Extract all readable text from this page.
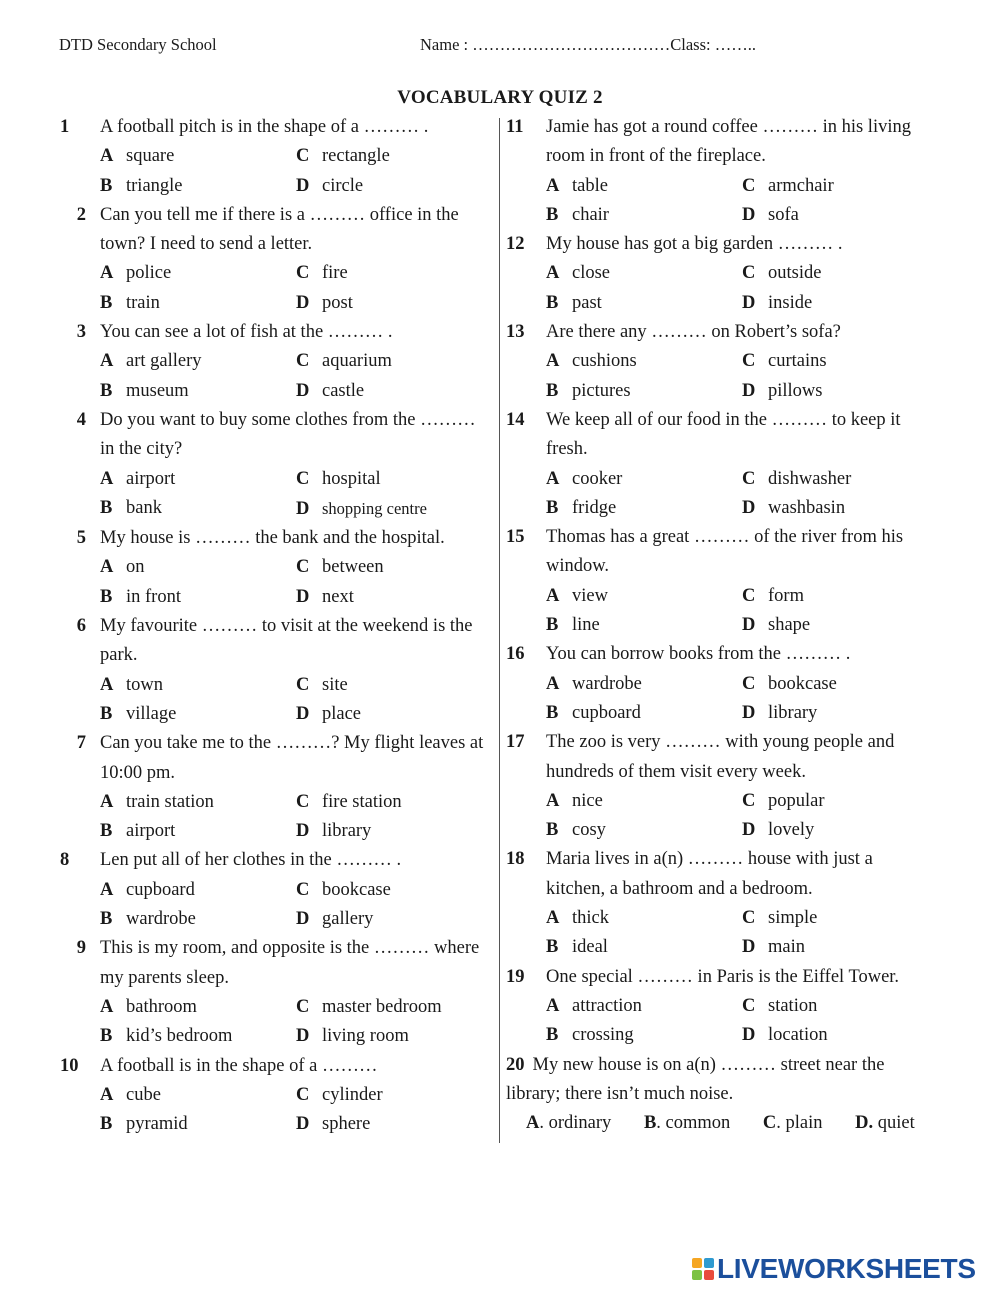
DTD Secondary School	Name : ………………………………Class: ……..
VOCABULARY QUIZ 2
1	A football pitch is in the shape of a ……… .
A square	C rectangle
B triangle	D circle
2 Can you tell me if there is a ……… office in the town? I need to send a letter.
A police	C fire
B train	D post
3 You can see a lot of fish at the ……… .
A art gallery	C aquarium
B museum	D castle
4 Do you want to buy some clothes from the ……… in the city?
A airport	C hospital
B bank	D shopping centre
5 My house is ……… the bank and the hospital.
A on	C between
B in front	D next
6 My favourite ……… to visit at the weekend is the park.
A town	C site
B village	D place
7 Can you take me to the ………? My flight leaves at 10:00 pm.
A train station	C fire station
B airport	D library
8	Len put all of her clothes in the ……… .
A cupboard	C bookcase
B wardrobe	D gallery
9 This is my room, and opposite is the ……… where my parents sleep.
A bathroom	C master bedroom
B kid’s bedroom	D living room
10	A football is in the shape of a ………
A cube	C cylinder
B pyramid	D sphere
11	Jamie has got a round coffee ……… in his living room in front of the fireplace.
A table	C armchair
B chair	D sofa
12	My house has got a big garden ……… .
A close	C outside
B past	D inside
13	Are there any ……… on Robert’s sofa?
A cushions	C curtains
B pictures	D pillows
14	We keep all of our food in the ……… to keep it fresh.
A cooker	C dishwasher
B fridge	D washbasin
15	Thomas has a great ……… of the river from his window.
A view	C form
B line	D shape
16	You can borrow books from the ……… .
A wardrobe	C bookcase
B cupboard	D library
17	The zoo is very ……… with young people and hundreds of them visit every week.
A nice	C popular
B cosy	D lovely
18	Maria lives in a(n) ……… house with just a kitchen, a bathroom and a bedroom.
A thick	C simple
B ideal	D main
19	One special ……… in Paris is the Eiffel Tower.
A attraction	C station
B crossing	D location
20 My new house is on a(n) ……… street near the library; there isn’t much noise.
A. ordinary B. common C. plain D. quiet
LIVEWORKSHEETS
